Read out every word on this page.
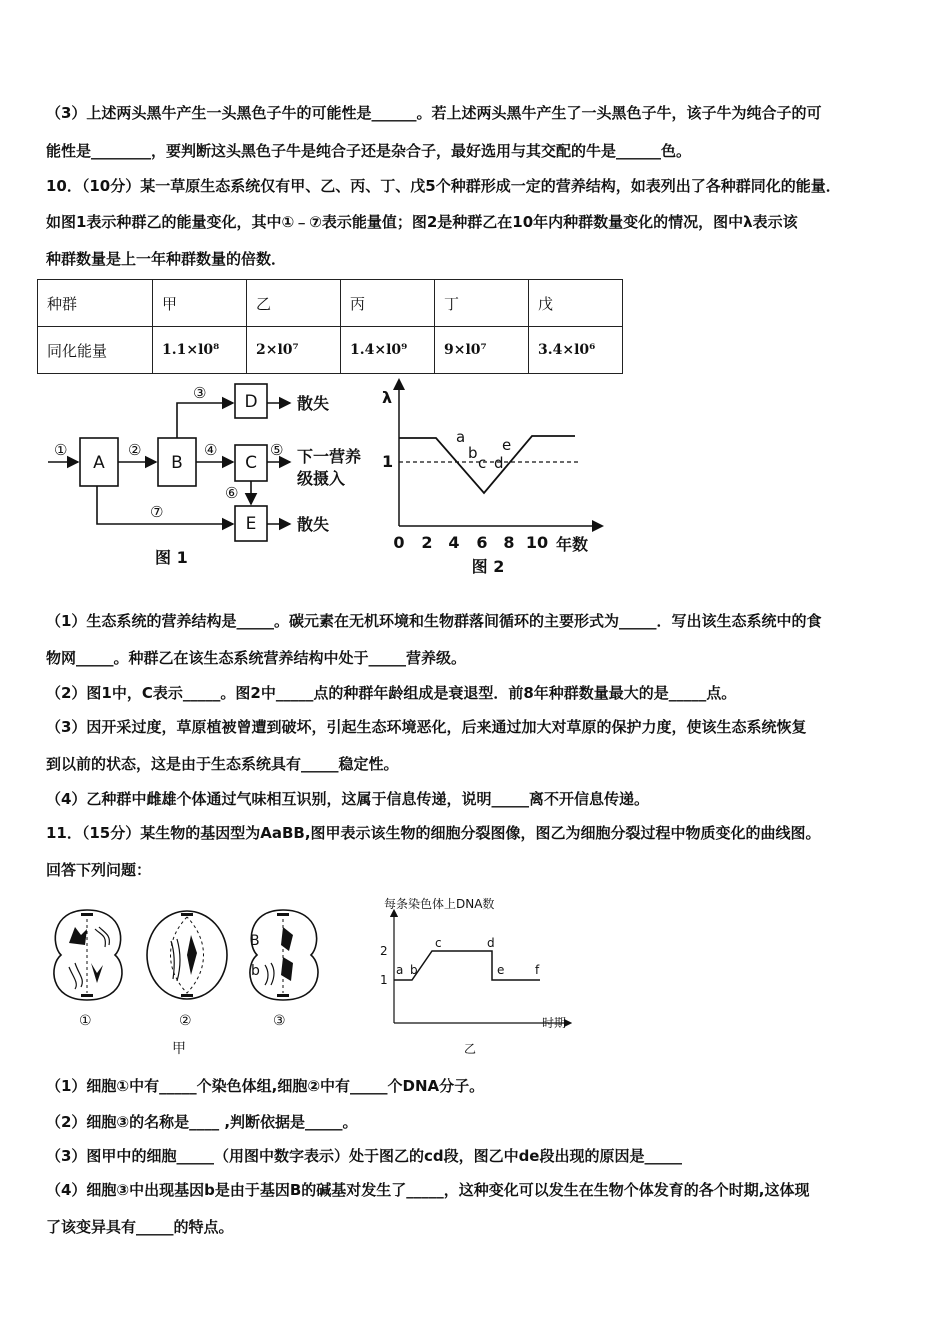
（3）上述两头黑牛产生一头黑色子牛的可能性是______。若上述两头黑牛产生了一头黑色子牛，该子牛为纯合子的可
能性是________，要判断这头黑色子牛是纯合子还是杂合子，最好选用与其交配的牛是______色。
10．（10分）某一草原生态系统仅有甲、乙、丙、丁、戊5个种群形成一定的营养结构，如表列出了各种群同化的能量．
如图1表示种群乙的能量变化，其中①﹣⑦表示能量值；图2是种群乙在10年内种群数量变化的情况，图中λ表示该
种群数量是上一年种群数量的倍数．
种群	甲	乙	丙	丁	戊
同化能量	1.1×l0⁸	2×l0⁷	1.4×l0⁹	9×l0⁷	3.4×l0⁶
A	B	C
D
E
①	②
③
④	⑤
⑥
⑦
散失
散失
下一营养
级摄入
图 1
λ
1
0 2 4 6 8 10 年数
图 2
a
b
c d
e
（1）生态系统的营养结构是_____。碳元素在无机环境和生物群落间循环的主要形式为_____．写出该生态系统中的食
物网_____。种群乙在该生态系统营养结构中处于_____营养级。
（2）图1中，C表示_____。图2中_____点的种群年龄组成是衰退型．前8年种群数量最大的是_____点。
（3）因开采过度，草原植被曾遭到破坏，引起生态环境恶化，后来通过加大对草原的保护力度，使该生态系统恢复
到以前的状态，这是由于生态系统具有_____稳定性。
（4）乙种群中雌雄个体通过气味相互识别，这属于信息传递，说明_____离不开信息传递。
11．（15分）某生物的基因型为AaBB,图甲表示该生物的细胞分裂图像，图乙为细胞分裂过程中物质变化的曲线图。
回答下列问题：
B
b
①	②	③
甲
每条染色体上DNA数
1
2
时期
a b
c	d
e	f
乙
（1）细胞①中有_____个染色体组,细胞②中有_____个DNA分子。
（2）细胞③的名称是____ ,判断依据是_____。
（3）图甲中的细胞_____（用图中数字表示）处于图乙的cd段，图乙中de段出现的原因是_____
（4）细胞③中出现基因b是由于基因B的碱基对发生了_____，这种变化可以发生在生物个体发育的各个时期,这体现
了该变异具有_____的特点。
